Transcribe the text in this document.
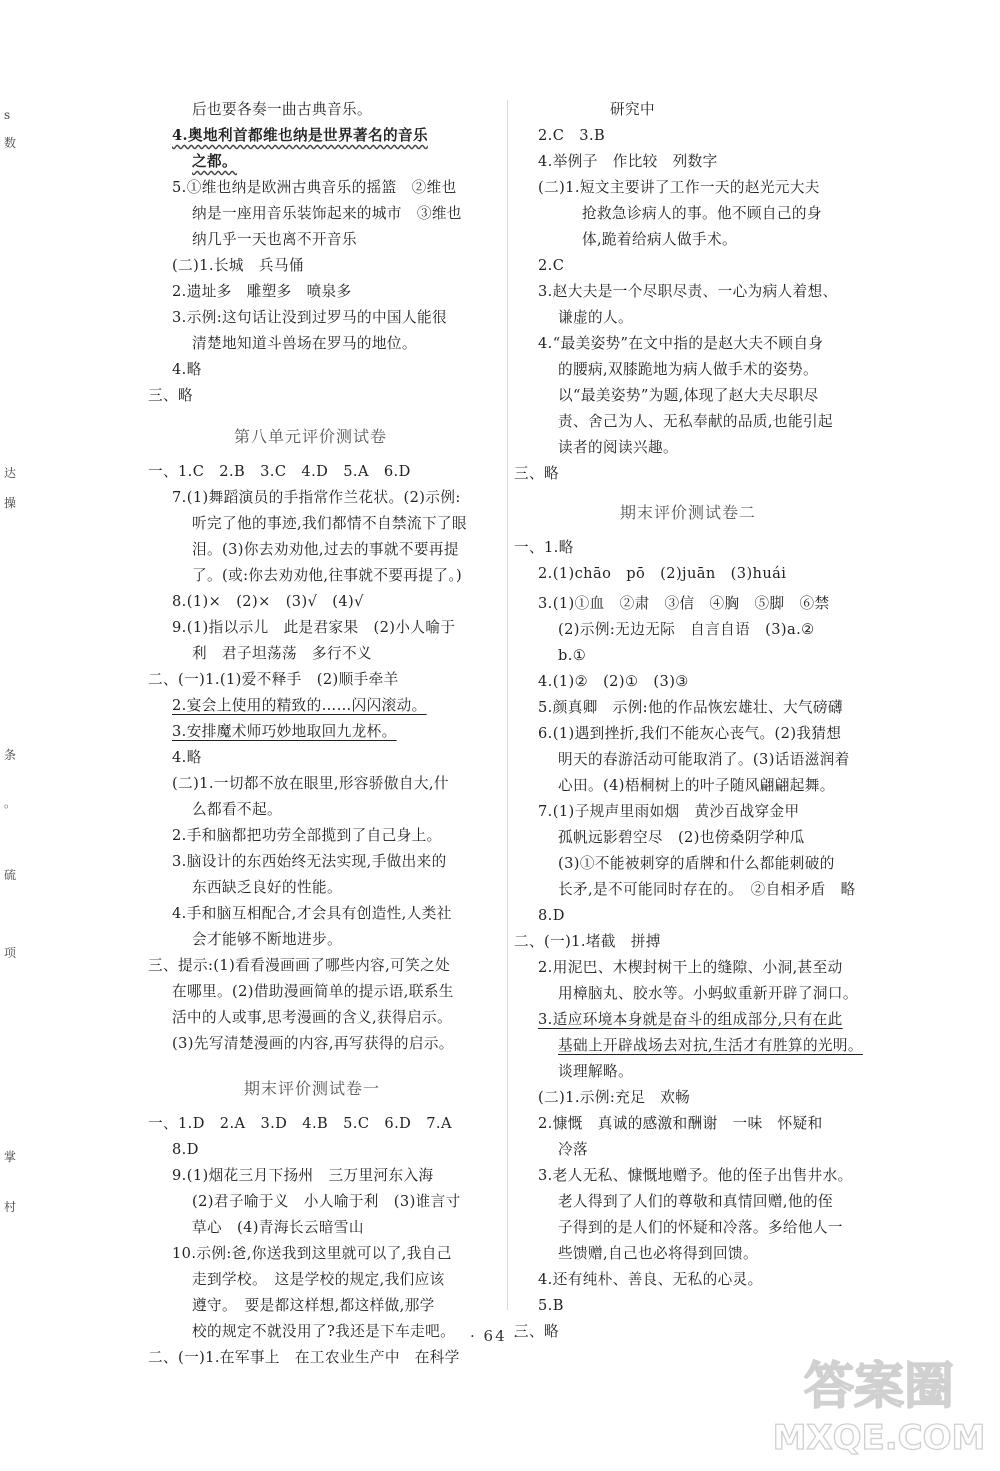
后也要各奏一曲古典音乐。
4.奥地利首都维也纳是世界著名的音乐
之都。
5.①维也纳是欧洲古典音乐的摇篮　②维也
纳是一座用音乐装饰起来的城市　③维也
纳几乎一天也离不开音乐
(二)1.长城　兵马俑
2.遗址多　雕塑多　喷泉多
3.示例:这句话让没到过罗马的中国人能很
清楚地知道斗兽场在罗马的地位。
4.略
三、略
第八单元评价测试卷
一、1.C　2.B　3.C　4.D　5.A　6.D
7.(1)舞蹈演员的手指常作兰花状。(2)示例:
听完了他的事迹,我们都情不自禁流下了眼
泪。(3)你去劝劝他,过去的事就不要再提
了。(或:你去劝劝他,往事就不要再提了。)
8.(1)×　(2)×　(3)√　(4)√
9.(1)指以示儿　此是君家果　(2)小人喻于
利　君子坦荡荡　多行不义
二、(一)1.(1)爱不释手　(2)顺手牵羊
2.宴会上使用的精致的……闪闪滚动。
3.安排魔术师巧妙地取回九龙杯。
4.略
(二)1.一切都不放在眼里,形容骄傲自大,什
么都看不起。
2.手和脑都把功劳全部揽到了自己身上。
3.脑设计的东西始终无法实现,手做出来的
东西缺乏良好的性能。
4.手和脑互相配合,才会具有创造性,人类社
会才能够不断地进步。
三、提示:(1)看看漫画画了哪些内容,可笑之处
在哪里。(2)借助漫画简单的提示语,联系生
活中的人或事,思考漫画的含义,获得启示。
(3)先写清楚漫画的内容,再写获得的启示。
期末评价测试卷一
一、1.D　2.A　3.D　4.B　5.C　6.D　7.A
8.D
9.(1)烟花三月下扬州　三万里河东入海
(2)君子喻于义　小人喻于利　(3)谁言寸
草心　(4)青海长云暗雪山
10.示例:爸,你送我到这里就可以了,我自己
走到学校。　这是学校的规定,我们应该
遵守。　要是都这样想,都这样做,那学
校的规定不就没用了?我还是下车走吧。
二、(一)1.在军事上　在工农业生产中　在科学
研究中
2.C　3.B
4.举例子　作比较　列数字
(二)1.短文主要讲了工作一天的赵光元大夫
抢救急诊病人的事。他不顾自己的身
体,跪着给病人做手术。
2.C
3.赵大夫是一个尽职尽责、一心为病人着想、
谦虚的人。
4.“最美姿势”在文中指的是赵大夫不顾自身
的腰病,双膝跪地为病人做手术的姿势。
以“最美姿势”为题,体现了赵大夫尽职尽
责、舍己为人、无私奉献的品质,也能引起
读者的阅读兴趣。
三、略
期末评价测试卷二
一、1.略
2.(1)chāo　pō　(2)juān　(3)huái
3.(1)①血　②肃　③信　④胸　⑤脚　⑥禁
(2)示例:无边无际　自言自语　(3)a.②
b.①
4.(1)②　(2)①　(3)③
5.颜真卿　示例:他的作品恢宏雄壮、大气磅礴
6.(1)遇到挫折,我们不能灰心丧气。(2)我猜想
明天的春游活动可能取消了。(3)话语滋润着
心田。(4)梧桐树上的叶子随风翩翩起舞。
7.(1)子规声里雨如烟　黄沙百战穿金甲
孤帆远影碧空尽　(2)也傍桑阴学种瓜
(3)①不能被刺穿的盾牌和什么都能刺破的
长矛,是不可能同时存在的。　②自相矛盾　略
8.D
二、(一)1.堵截　拼搏
2.用泥巴、木楔封树干上的缝隙、小洞,甚至动
用樟脑丸、胶水等。小蚂蚁重新开辟了洞口。
3.适应环境本身就是奋斗的组成部分,只有在此
基础上开辟战场去对抗,生活才有胜算的光明。
谈理解略。
(二)1.示例:充足　欢畅
2.慷慨　真诚的感激和酬谢　一味　怀疑和
冷落
3.老人无私、慷慨地赠予。他的侄子出售井水。
老人得到了人们的尊敬和真情回赠,他的侄
子得到的是人们的怀疑和冷落。多给他人一
些馈赠,自己也必将得到回馈。
4.还有纯朴、善良、无私的心灵。
5.B
三、略
s
数
达
操
条
。
硫
项
掌
村
· 64 ·
答案圈
MXQE.COM
